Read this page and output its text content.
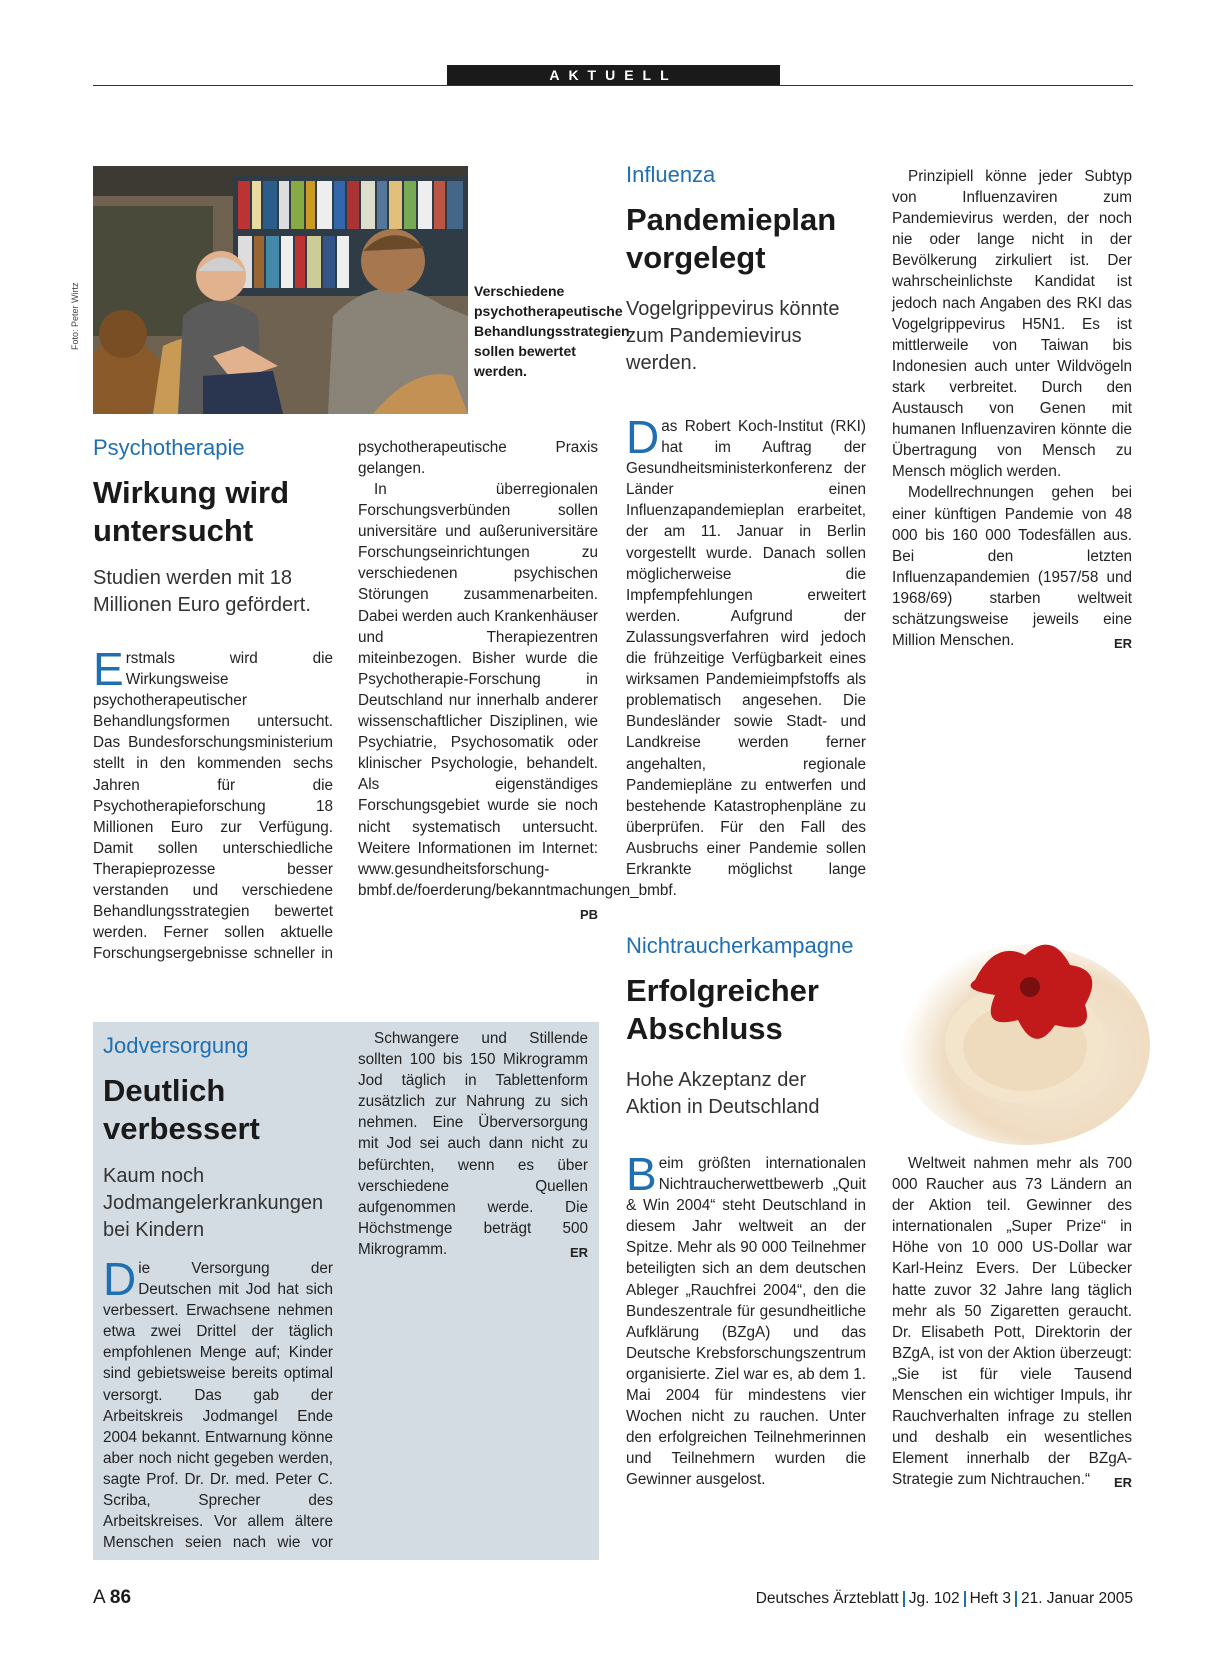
AKTUELL
Foto: Peter Wirtz	Verschiedene psychotherapeutische Behandlungsstrategien sollen bewertet werden.
Psychotherapie
Wirkung wird untersucht
Studien werden mit 18 Millionen Euro gefördert.

Erstmals wird die Wirkungsweise psychotherapeutischer Behandlungsformen untersucht. Das Bundesforschungsministerium stellt in den kommenden sechs Jahren für die Psychotherapieforschung 18 Millionen Euro zur Verfügung. Damit sollen unterschiedliche Therapieprozesse besser verstanden und verschiedene Behandlungsstrategien bewertet werden. Ferner sollen aktuelle Forschungsergebnisse schneller in

psychotherapeutische Praxis gelangen.

In überregionalen Forschungsverbünden sollen universitäre und außeruniversitäre Forschungseinrichtungen zu verschiedenen psychischen Störungen zusammenarbeiten. Dabei werden auch Krankenhäuser und Therapiezentren miteinbezogen. Bisher wurde die Psychotherapie-Forschung in Deutschland nur innerhalb anderer wissenschaftlicher Disziplinen, wie Psychiatrie, Psychosomatik oder klinischer Psychologie, behandelt. Als eigenständiges Forschungsgebiet wurde sie noch nicht systematisch untersucht. Weitere Informationen im Internet: www.gesundheitsforschung-bmbf.de/foerderung/bekanntmachungen_bmbf.
PB

Influenza
Pandemieplan vorgelegt
Vogelgrippevirus könnte zum Pandemievirus werden.

Das Robert Koch-Institut (RKI) hat im Auftrag der Gesundheitsministerkonferenz der Länder einen Influenzapandemieplan erarbeitet, der am 11. Januar in Berlin vorgestellt wurde. Danach sollen möglicherweise die Impfempfehlungen erweitert werden. Aufgrund der Zulassungsverfahren wird jedoch die frühzeitige Verfügbarkeit eines wirksamen Pandemieimpfstoffs als problematisch angesehen. Die Bundesländer sowie Stadt- und Landkreise werden ferner angehalten, regionale Pandemiepläne zu entwerfen und bestehende Katastrophenpläne zu überprüfen. Für den Fall des Ausbruchs einer Pandemie sollen Erkrankte möglichst lange

Prinzipiell könne jeder Subtyp von Influenzaviren zum Pandemievirus werden, der noch nie oder lange nicht in der Bevölkerung zirkuliert ist. Der wahrscheinlichste Kandidat ist jedoch nach Angaben des RKI das Vogelgrippevirus H5N1. Es ist mittlerweile von Taiwan bis Indonesien auch unter Wildvögeln stark verbreitet. Durch den Austausch von Genen mit humanen Influenzaviren könnte die Übertragung von Mensch zu Mensch möglich werden.

Modellrechnungen gehen bei einer künftigen Pandemie von 48 000 bis 160 000 Todesfällen aus. Bei den letzten Influenzapandemien (1957/58 und 1968/69) starben weltweit schätzungsweise jeweils eine Million Menschen.	ER

Jodversorgung
Deutlich verbessert
Kaum noch Jodmangelerkrankungen bei Kindern

Die Versorgung der Deutschen mit Jod hat sich verbessert. Erwachsene nehmen etwa zwei Drittel der täglich empfohlenen Menge auf; Kinder sind gebietsweise bereits optimal versorgt. Das gab der Arbeitskreis Jodmangel Ende 2004 bekannt. Entwarnung könne aber noch nicht gegeben werden, sagte Prof. Dr. Dr. med. Peter C. Scriba, Sprecher des Arbeitskreises. Vor allem ältere Menschen seien nach wie vor

Schwangere und Stillende sollten 100 bis 150 Mikrogramm Jod täglich in Tablettenform zusätzlich zur Nahrung zu sich nehmen. Eine Überversorgung mit Jod sei auch dann nicht zu befürchten, wenn es über verschiedene Quellen aufgenommen werde. Die Höchstmenge beträgt 500 Mikrogramm.	ER

Nichtraucherkampagne
Erfolgreicher Abschluss
Hohe Akzeptanz der Aktion in Deutschland

Beim größten internationalen Nichtraucherwettbewerb „Quit & Win 2004“ steht Deutschland in diesem Jahr weltweit an der Spitze. Mehr als 90 000 Teilnehmer beteiligten sich an dem deutschen Ableger „Rauchfrei 2004“, den die Bundeszentrale für gesundheitliche Aufklärung (BZgA) und das Deutsche Krebsforschungszentrum organisierte. Ziel war es, ab dem 1. Mai 2004 für mindestens vier Wochen nicht zu rauchen. Unter den erfolgreichen Teilnehmerinnen und Teilnehmern wurden die Gewinner ausgelost.

Weltweit nahmen mehr als 700 000 Raucher aus 73 Ländern an der Aktion teil. Gewinner des internationalen „Super Prize“ in Höhe von 10 000 US-Dollar war Karl-Heinz Evers. Der Lübecker hatte zuvor 32 Jahre lang täglich mehr als 50 Zigaretten geraucht. Dr. Elisabeth Pott, Direktorin der BZgA, ist von der Aktion überzeugt: „Sie ist für viele Tausend Menschen ein wichtiger Impuls, ihr Rauchverhalten infrage zu stellen und deshalb ein wesentliches Element innerhalb der BZgA-Strategie zum Nichtrauchen.“	ER

A 86	Deutsches Ärzteblatt Jg. 102 Heft 3 21. Januar 2005
